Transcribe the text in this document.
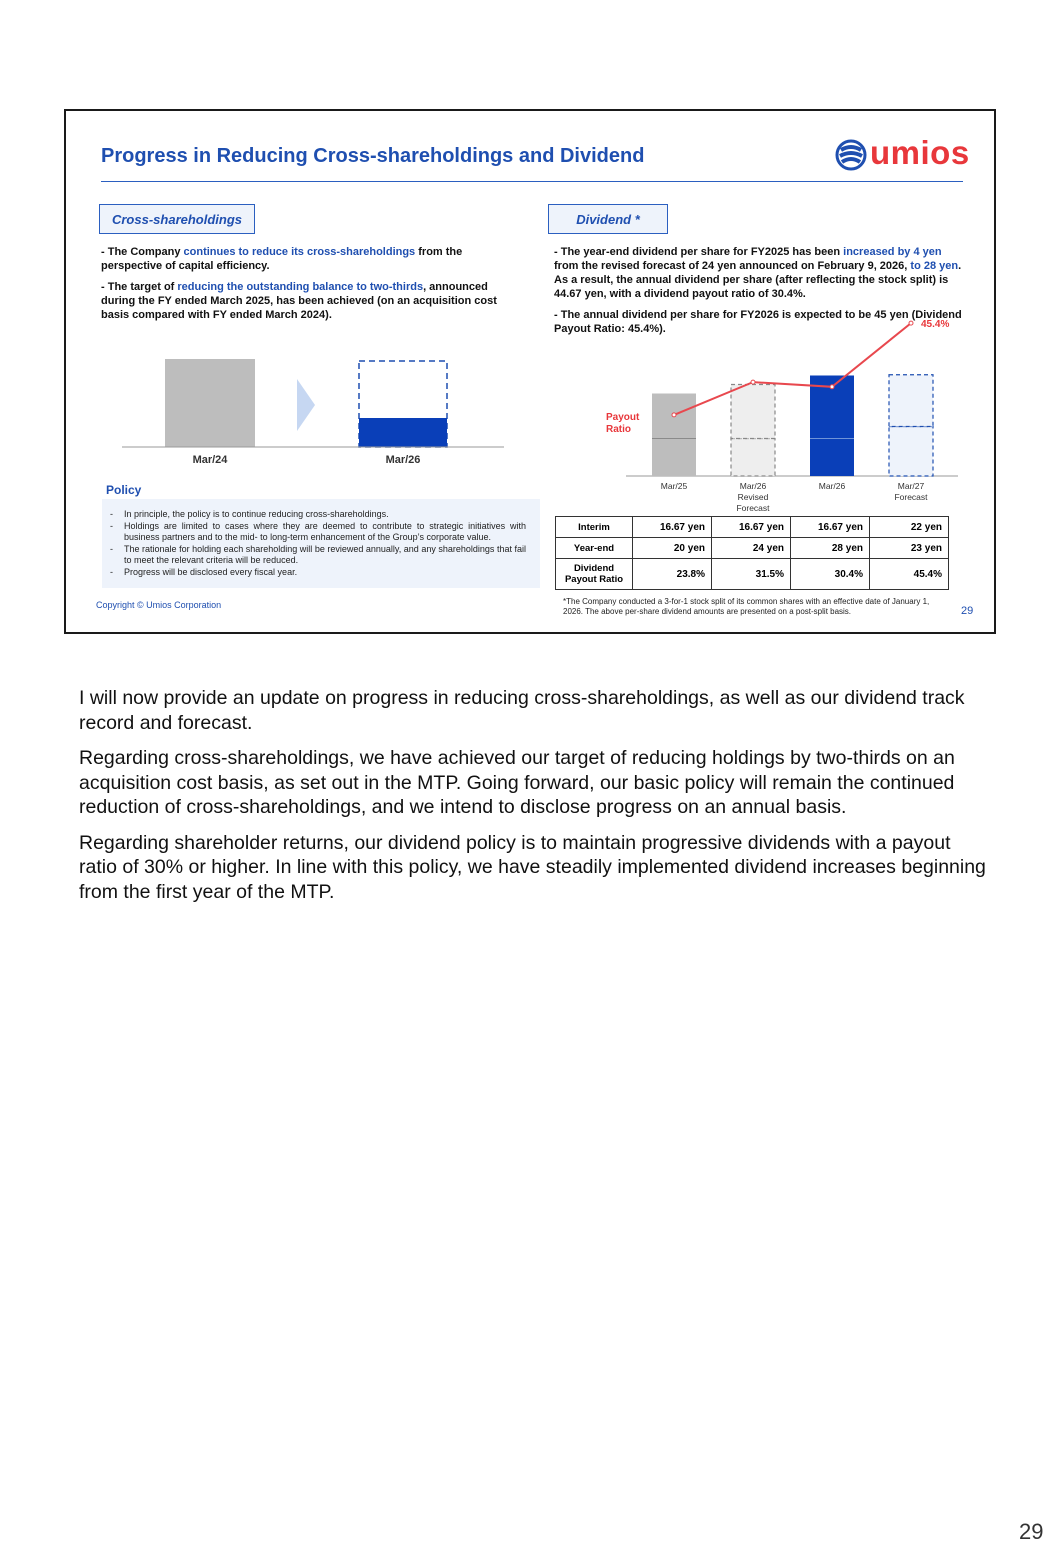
Progress in Reducing Cross-shareholdings and Dividend	umios
Cross-shareholdings

- The Company continues to reduce its cross-shareholdings from the perspective of capital efficiency.

- The target of reducing the outstanding balance to two-thirds, announced during the FY ended March 2025, has been achieved (on an acquisition cost basis compared with FY ended March 2024).

Mar/24	Mar/26
Policy
- In principle, the policy is to continue reducing cross-shareholdings.
- Holdings are limited to cases where they are deemed to contribute to strategic initiatives with business partners and to the mid- to long-term enhancement of the Group’s corporate value.
- The rationale for holding each shareholding will be reviewed annually, and any shareholdings that fail to meet the relevant criteria will be reduced.
- Progress will be disclosed every fiscal year.
Dividend *

- The year-end dividend per share for FY2025 has been increased by 4 yen from the revised forecast of 24 yen announced on February 9, 2026, to 28 yen. As a result, the annual dividend per share (after reflecting the stock split) is 44.67 yen, with a dividend payout ratio of 30.4%.

- The annual dividend per share for FY2026 is expected to be 45 yen (Dividend Payout Ratio: 45.4%).

Payout
Ratio
45.4%
Mar/25	Mar/26
Revised
Forecast
Mar/26	Mar/27
Forecast
Interim	16.67 yen	16.67 yen	16.67 yen	22 yen
Year-end	20 yen	24 yen	28 yen	23 yen
Dividend
Payout Ratio	23.8%	31.5%	30.4%	45.4%
Copyright © Umios Corporation	*The Company conducted a 3-for-1 stock split of its common shares with an effective date of January 1, 2026. The above per-share dividend amounts are presented on a post-split basis.	29

I will now provide an update on progress in reducing cross-shareholdings, as well as our dividend track record and forecast.

Regarding cross-shareholdings, we have achieved our target of reducing holdings by two-thirds on an acquisition cost basis, as set out in the MTP. Going forward, our basic policy will remain the continued reduction of cross-shareholdings, and we intend to disclose progress on an annual basis.

Regarding shareholder returns, our dividend policy is to maintain progressive dividends with a payout ratio of 30% or higher. In line with this policy, we have steadily implemented dividend increases beginning from the first year of the MTP.

29
